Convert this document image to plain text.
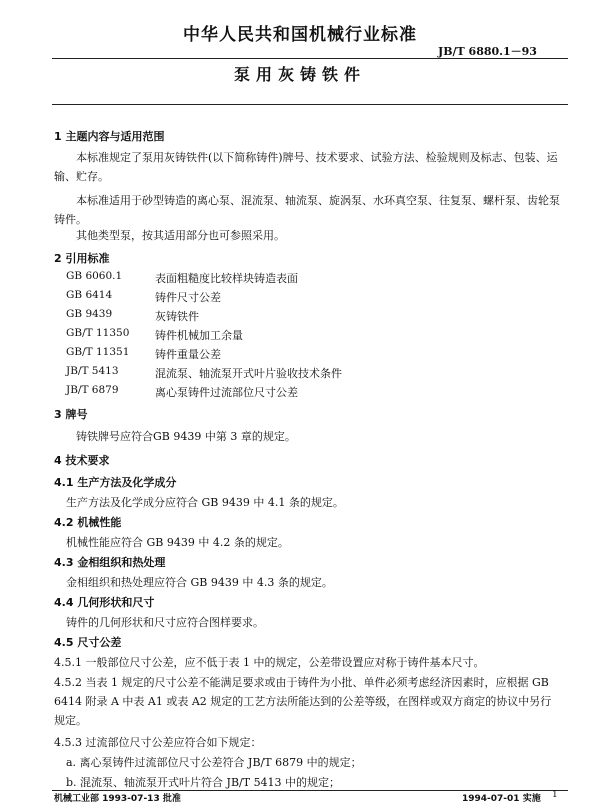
中华人民共和国机械行业标准
JB/T 6880.1－93
泵用灰铸铁件
1 主题内容与适用范围
本标准规定了泵用灰铸铁件(以下简称铸件)牌号、技术要求、试验方法、检验规则及标志、包装、运输、贮存。
本标准适用于砂型铸造的离心泵、混流泵、轴流泵、旋涡泵、水环真空泵、往复泵、螺杆泵、齿轮泵铸件。
其他类型泵，按其适用部分也可参照采用。
2 引用标准
GB 6060.1	表面粗糙度比较样块铸造表面
GB 6414	铸件尺寸公差
GB 9439	灰铸铁件
GB/T 11350 铸件机械加工余量
GB/T 11351 铸件重量公差
JB/T 5413	混流泵、轴流泵开式叶片验收技术条件
JB/T 6879	离心泵铸件过流部位尺寸公差
3 牌号
铸铁牌号应符合GB 9439 中第 3 章的规定。
4 技术要求
4.1 生产方法及化学成分
生产方法及化学成分应符合 GB 9439 中 4.1 条的规定。
4.2 机械性能
机械性能应符合 GB 9439 中 4.2 条的规定。
4.3 金相组织和热处理
金相组织和热处理应符合 GB 9439 中 4.3 条的规定。
4.4 几何形状和尺寸
铸件的几何形状和尺寸应符合图样要求。
4.5 尺寸公差
4.5.1 一般部位尺寸公差，应不低于表 1 中的规定，公差带设置应对称于铸件基本尺寸。
4.5.2 当表 1 规定的尺寸公差不能满足要求或由于铸件为小批、单件必须考虑经济因素时，应根据 GB 6414 附录 A 中表 A1 或表 A2 规定的工艺方法所能达到的公差等级，在图样或双方商定的协议中另行规定。
4.5.3 过流部位尺寸公差应符合如下规定：
a. 离心泵铸件过流部位尺寸公差符合 JB/T 6879 中的规定；
b. 混流泵、轴流泵开式叶片符合 JB/T 5413 中的规定；
机械工业部 1993-07-13 批准	1994-07-01 实施 1
